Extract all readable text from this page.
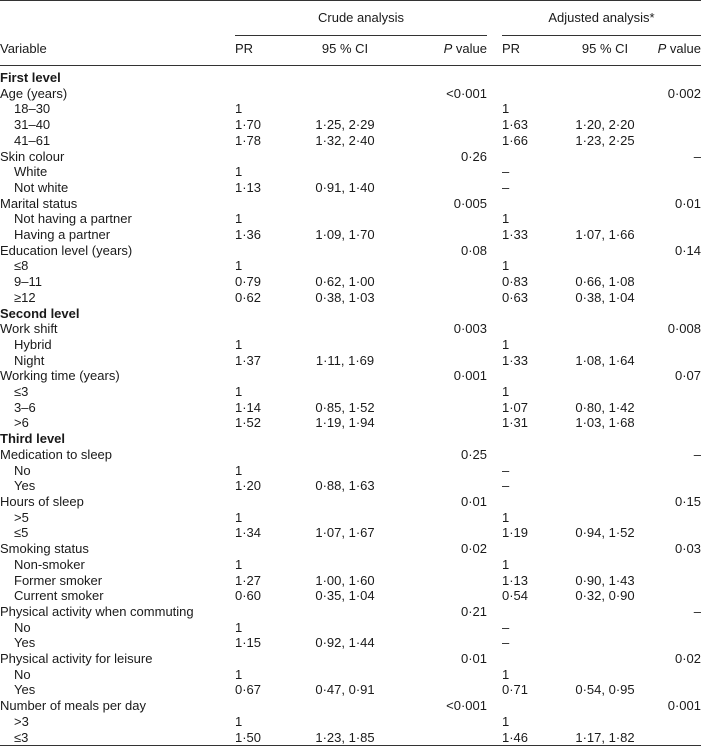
	Crude analysis				Adjusted analysis*		
Variable	PR	95 % CI	P value		PR	95 % CI	P value
First level							
Age (years)			<0·001				0·002
18–30	1				1		
31–40	1·70	1·25, 2·29			1·63	1·20, 2·20	
41–61	1·78	1·32, 2·40			1·66	1·23, 2·25	
Skin colour			0·26				–
White	1				–		
Not white	1·13	0·91, 1·40			–		
Marital status			0·005				0·01
Not having a partner	1				1		
Having a partner	1·36	1·09, 1·70			1·33	1·07, 1·66	
Education level (years)			0·08				0·14
≤8	1				1		
9–11	0·79	0·62, 1·00			0·83	0·66, 1·08	
≥12	0·62	0·38, 1·03			0·63	0·38, 1·04	
Second level							
Work shift			0·003				0·008
Hybrid	1				1		
Night	1·37	1·11, 1·69			1·33	1·08, 1·64	
Working time (years)			0·001				0·07
≤3	1				1		
3–6	1·14	0·85, 1·52			1·07	0·80, 1·42	
>6	1·52	1·19, 1·94			1·31	1·03, 1·68	
Third level							
Medication to sleep			0·25				–
No	1				–		
Yes	1·20	0·88, 1·63			–		
Hours of sleep			0·01				0·15
>5	1				1		
≤5	1·34	1·07, 1·67			1·19	0·94, 1·52	
Smoking status			0·02				0·03
Non-smoker	1				1		
Former smoker	1·27	1·00, 1·60			1·13	0·90, 1·43	
Current smoker	0·60	0·35, 1·04			0·54	0·32, 0·90	
Physical activity when commuting			0·21				–
No	1				–		
Yes	1·15	0·92, 1·44			–		
Physical activity for leisure			0·01				0·02
No	1				1		
Yes	0·67	0·47, 0·91			0·71	0·54, 0·95	
Number of meals per day			<0·001				0·001
>3	1				1		
≤3	1·50	1·23, 1·85			1·46	1·17, 1·82	
